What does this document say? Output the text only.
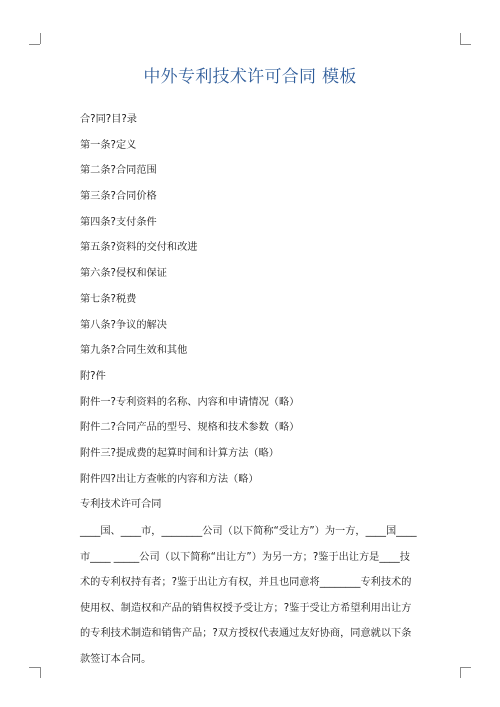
中外专利技术许可合同 模板
合?同?目?录
第一条?定义
第二条?合同范围
第三条?合同价格
第四条?支付条件
第五条?资料的交付和改进
第六条?侵权和保证
第七条?税费
第八条?争议的解决
第九条?合同生效和其他
附?件
附件一?专利资料的名称、内容和申请情况（略）
附件二?合同产品的型号、规格和技术参数（略）
附件三?提成费的起算时间和计算方法（略）
附件四?出让方查帐的内容和方法（略）
专利技术许可合同

____国、____市，________公司（以下简称“受让方”）为一方，____国____市____ _____公司（以下简称“出让方”）为另一方；?鉴于出让方是____技术的专利权持有者；?鉴于出让方有权，并且也同意将________专利技术的使用权、制造权和产品的销售权授予受让方；?鉴于受让方希望利用出让方的专利技术制造和销售产品；?双方授权代表通过友好协商，同意就以下条款签订本合同。
